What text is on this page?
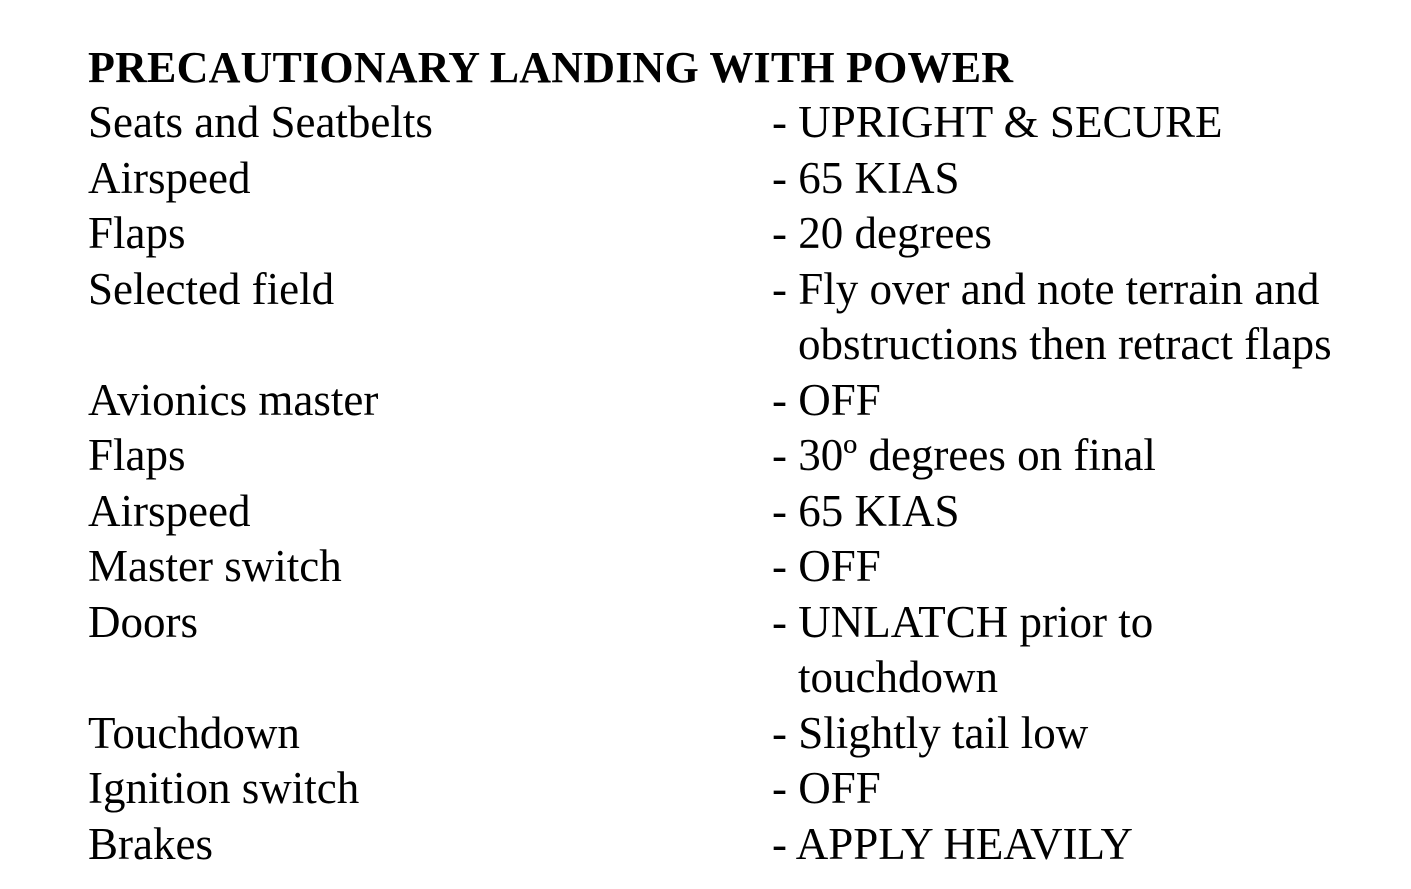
PRECAUTIONARY LANDING WITH POWER
Seats and Seatbelts	- UPRIGHT & SECURE
Airspeed	- 65 KIAS
Flaps	- 20 degrees
Selected field	- Fly over and note terrain and
obstructions then retract flaps
Avionics master	- OFF
Flaps	- 30º degrees on final
Airspeed	- 65 KIAS
Master switch	- OFF
Doors	- UNLATCH prior to
touchdown
Touchdown	- Slightly tail low
Ignition switch	- OFF
Brakes	- APPLY HEAVILY
